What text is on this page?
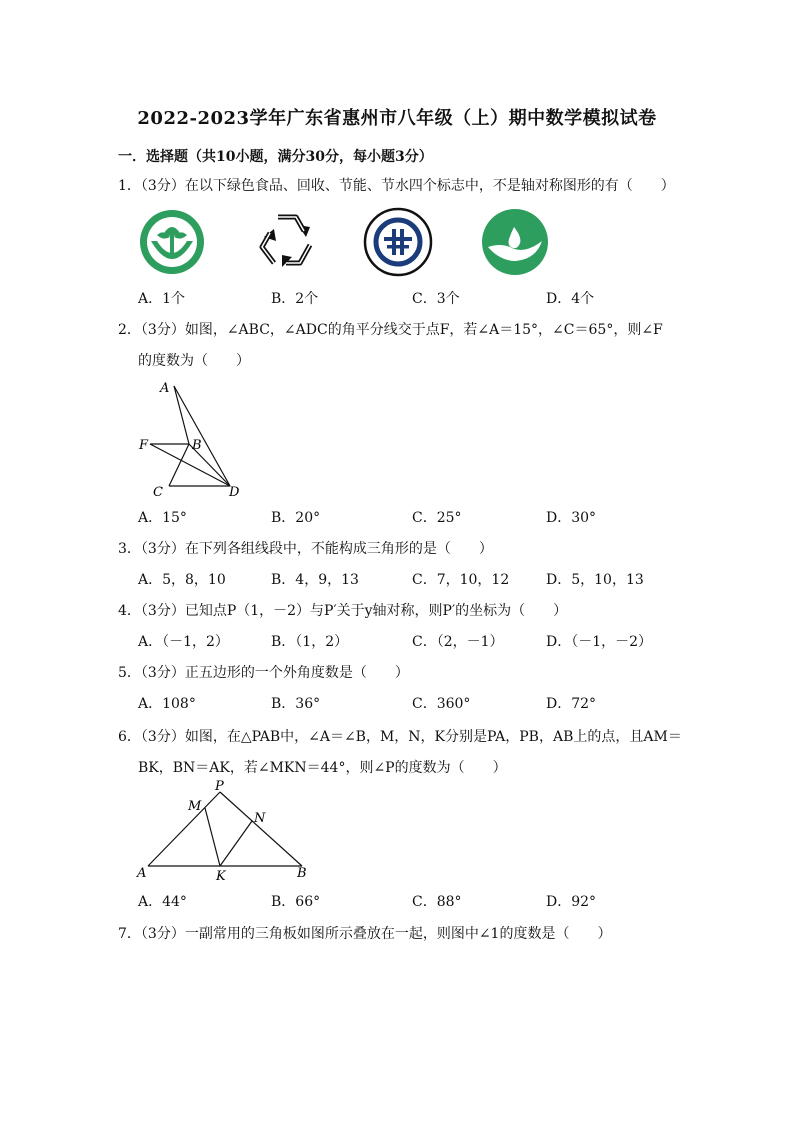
2022-2023学年广东省惠州市八年级（上）期中数学模拟试卷
一．选择题（共10小题，满分30分，每小题3分）
1．（3分）在以下绿色食品、回收、节能、节水四个标志中，不是轴对称图形的有（　　）
A．1个	B．2个	C．3个	D．4个
2．（3分）如图，∠ABC，∠ADC的角平分线交于点F，若∠A＝15°，∠C＝65°，则∠F
的度数为（　　）
A
F	B
C	D
A．15°	B．20°	C．25°	D．30°
3．（3分）在下列各组线段中，不能构成三角形的是（　　）
A．5，8，10	B．4，9，13	C．7，10，12	D．5，10，13
4．（3分）已知点P（1，－2）与P′关于y轴对称，则P′的坐标为（　　）
A．（－1，2）	B．（1，2）	C．（2，－1）	D．（－1，－2）
5．（3分）正五边形的一个外角度数是（　　）
A．108°	B．36°	C．360°	D．72°
6．（3分）如图，在△PAB中，∠A＝∠B，M，N，K分别是PA，PB，AB上的点，且AM＝
BK，BN＝AK，若∠MKN＝44°，则∠P的度数为（　　）
P
M
N
A	K	B
A．44°	B．66°	C．88°	D．92°
7．（3分）一副常用的三角板如图所示叠放在一起，则图中∠1的度数是（　　）
